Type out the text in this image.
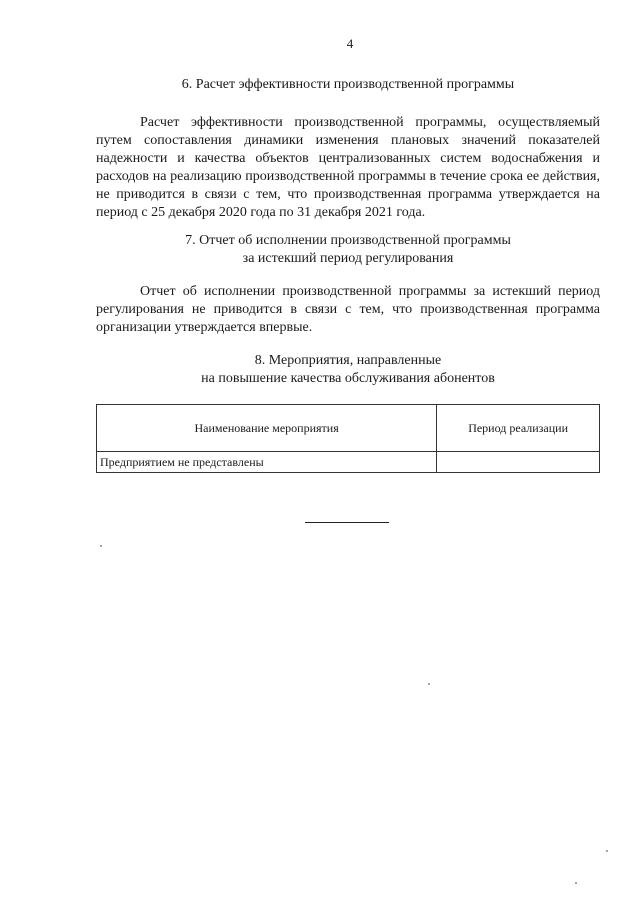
4
6. Расчет эффективности производственной программы
Расчет эффективности производственной программы, осуществляемый путем сопоставления динамики изменения плановых значений показателей надежности и качества объектов централизованных систем водоснабжения и расходов на реализацию производственной программы в течение срока ее действия, не приводится в связи с тем, что производственная программа утверждается на период с 25 декабря 2020 года по 31 декабря 2021 года.
7. Отчет об исполнении производственной программы
за истекший период регулирования
Отчет об исполнении производственной программы за истекший период регулирования не приводится в связи с тем, что производственная программа организации утверждается впервые.
8. Мероприятия, направленные
на повышение качества обслуживания абонентов
Наименование мероприятия	Период реализации
Предприятием не представлены	
